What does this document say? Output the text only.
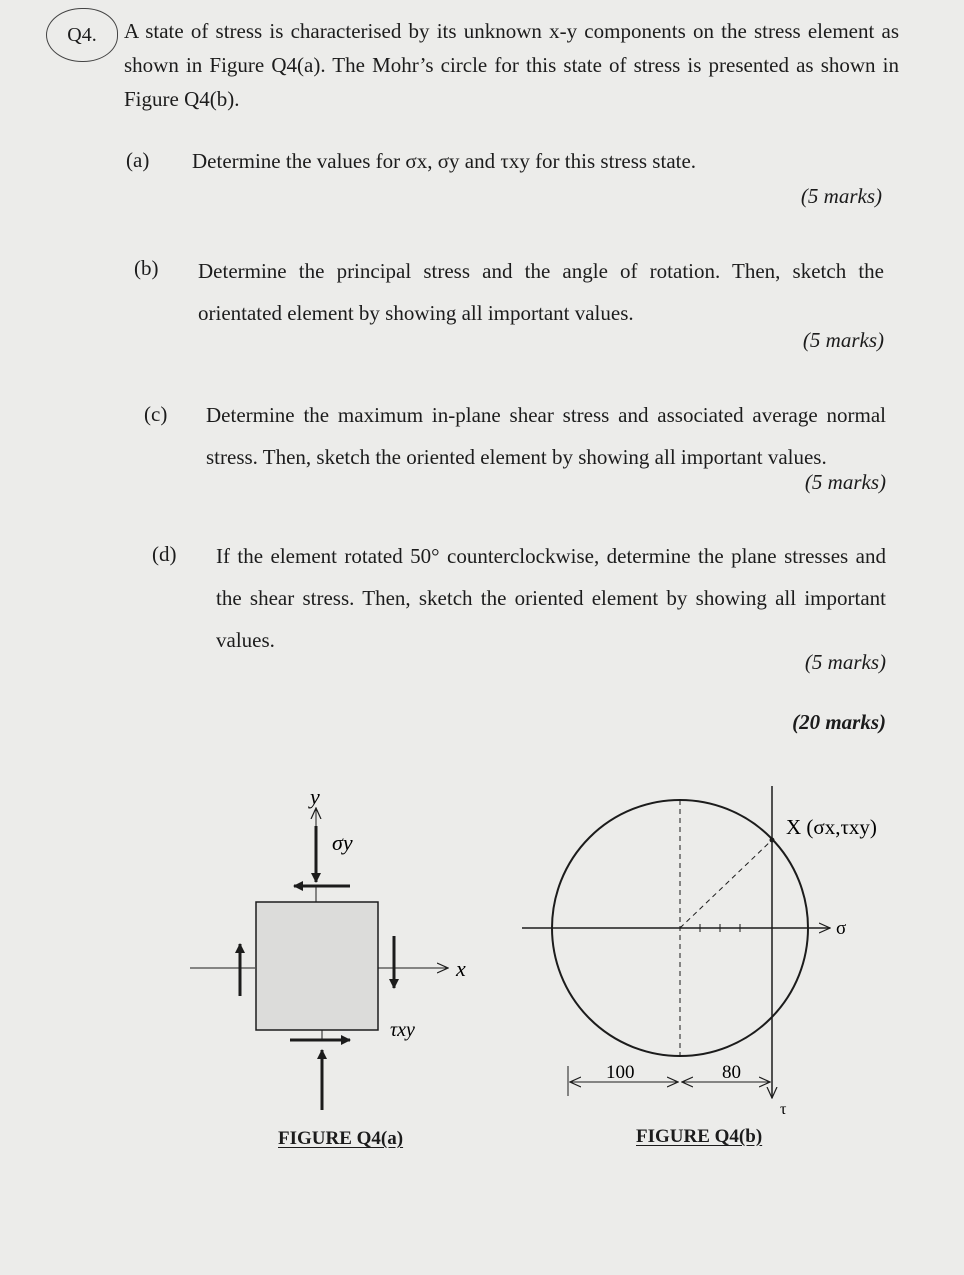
Q4.	A state of stress is characterised by its unknown x-y components on the stress element as shown in Figure Q4(a). The Mohr’s circle for this state of stress is presented as shown in Figure Q4(b).
(a) Determine the values for σx, σy and τxy for this stress state.
(5 marks)
(b) Determine the principal stress and the angle of rotation. Then, sketch the orientated element by showing all important values.
(5 marks)
(c) Determine the maximum in-plane shear stress and associated average normal stress. Then, sketch the oriented element by showing all important values.
(5 marks)
(d) If the element rotated 50° counterclockwise, determine the plane stresses and the shear stress. Then, sketch the oriented element by showing all important values.
(5 marks)
(20 marks)
y
x
σy
τxy
FIGURE Q4(a)
X (σx,τxy)
σ
τ
100	80
FIGURE Q4(b)
